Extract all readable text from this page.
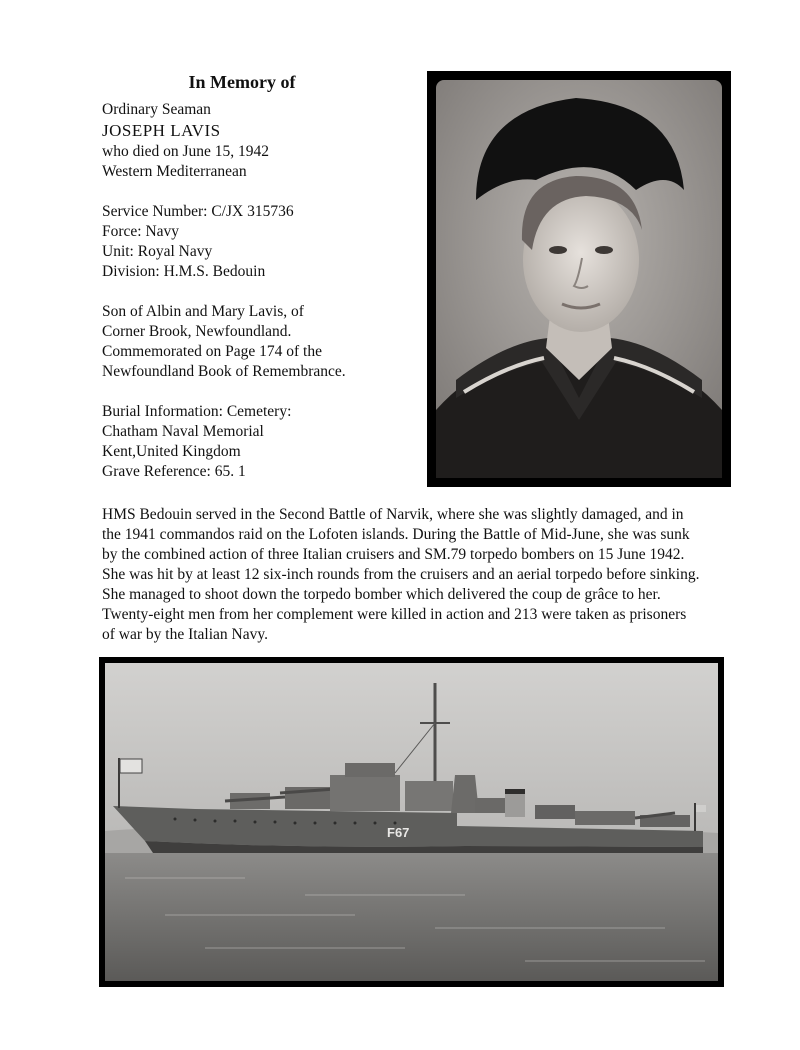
In Memory of

Ordinary Seaman

JOSEPH LAVIS

who died on June 15, 1942

Western Mediterranean

Service Number: C/JX 315736

Force: Navy

Unit: Royal Navy

Division: H.M.S. Bedouin

Son of Albin and Mary Lavis, of

Corner Brook, Newfoundland.

Commemorated on Page 174 of the

Newfoundland Book of Remembrance.

Burial Information: Cemetery:

Chatham Naval Memorial

Kent,United Kingdom

Grave Reference: 65. 1

HMS Bedouin served in the Second Battle of Narvik, where she was slightly damaged, and in

the 1941 commandos raid on the Lofoten islands. During the Battle of Mid-June, she was sunk

by the combined action of three Italian cruisers and SM.79 torpedo bombers on 15 June 1942.

She was hit by at least 12 six-inch rounds from the cruisers and an aerial torpedo before sinking.

She managed to shoot down the torpedo bomber which delivered the coup de grâce to her.

Twenty-eight men from her complement were killed in action and 213 were taken as prisoners

of war by the Italian Navy.

F67
